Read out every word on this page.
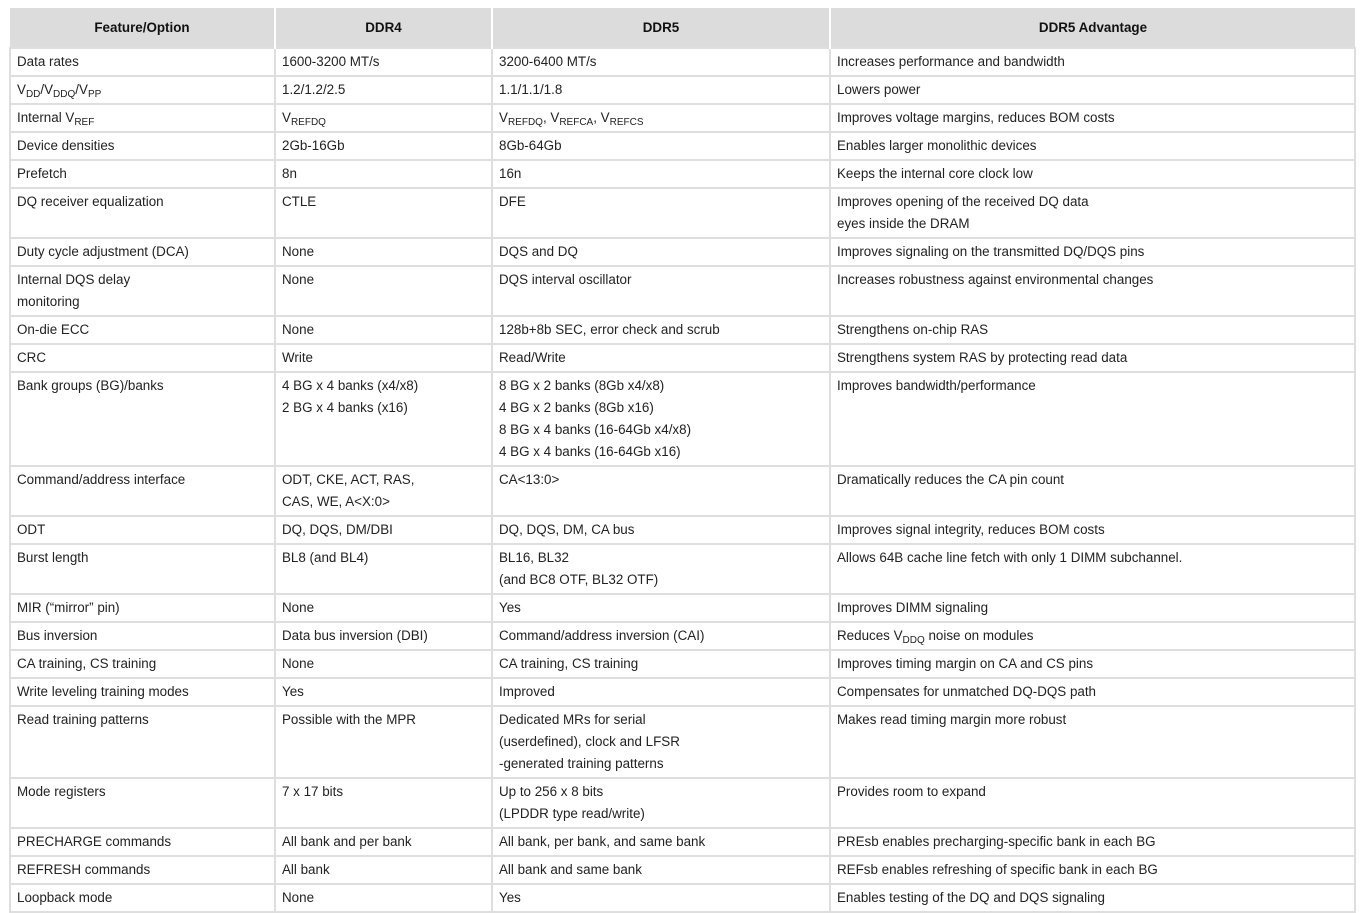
Feature/Option	DDR4	DDR5	DDR5 Advantage

Data rates	1600-3200 MT/s	3200-6400 MT/s	Increases performance and bandwidth

$V_{DD}/V_{DDQ}/V_{PP}$	1.2/1.2/2.5	1.1/1.1/1.8	Lowers power

Internal $V_{REF}$	$V_{REFDQ}$	$V_{REFDQ}$, $V_{REFCA}$, $V_{REFCS}$	Improves voltage margins, reduces BOM costs

Device densities	2Gb-16Gb	8Gb-64Gb	Enables larger monolithic devices

Prefetch	8n	16n	Keeps the internal core clock low

DQ receiver equalization	CTLE	DFE	Improves opening of the received DQ data
eyes inside the DRAM

Duty cycle adjustment (DCA)	None	DQS and DQ	Improves signaling on the transmitted DQ/DQS pins

Internal DQS delay
monitoring	None	DQS interval oscillator	Increases robustness against environmental changes

On-die ECC	None	128b+8b SEC, error check and scrub	Strengthens on-chip RAS

CRC	Write	Read/Write	Strengthens system RAS by protecting read data

Bank groups (BG)/banks	4 BG x 4 banks (x4/x8)
2 BG x 4 banks (x16)	8 BG x 2 banks (8Gb x4/x8)
4 BG x 2 banks (8Gb x16)
8 BG x 4 banks (16-64Gb x4/x8)
4 BG x 4 banks (16-64Gb x16)	Improves bandwidth/performance

Command/address interface	ODT, CKE, ACT, RAS,
CAS, WE, A<X:0>	CA<13:0>	Dramatically reduces the CA pin count

ODT	DQ, DQS, DM/DBI	DQ, DQS, DM, CA bus	Improves signal integrity, reduces BOM costs

Burst length	BL8 (and BL4)	BL16, BL32
(and BC8 OTF, BL32 OTF)	Allows 64B cache line fetch with only 1 DIMM subchannel.

MIR (“mirror” pin)	None	Yes	Improves DIMM signaling

Bus inversion	Data bus inversion (DBI)	Command/address inversion (CAI)	Reduces $V_{DDQ}$ noise on modules

CA training, CS training	None	CA training, CS training	Improves timing margin on CA and CS pins

Write leveling training modes	Yes	Improved	Compensates for unmatched DQ-DQS path

Read training patterns	Possible with the MPR	Dedicated MRs for serial
(userdefined), clock and LFSR
-generated training patterns	Makes read timing margin more robust

Mode registers	7 x 17 bits	Up to 256 x 8 bits
(LPDDR type read/write)	Provides room to expand

PRECHARGE commands	All bank and per bank	All bank, per bank, and same bank	PREsb enables precharging-specific bank in each BG

REFRESH commands	All bank	All bank and same bank	REFsb enables refreshing of specific bank in each BG

Loopback mode	None	Yes	Enables testing of the DQ and DQS signaling
